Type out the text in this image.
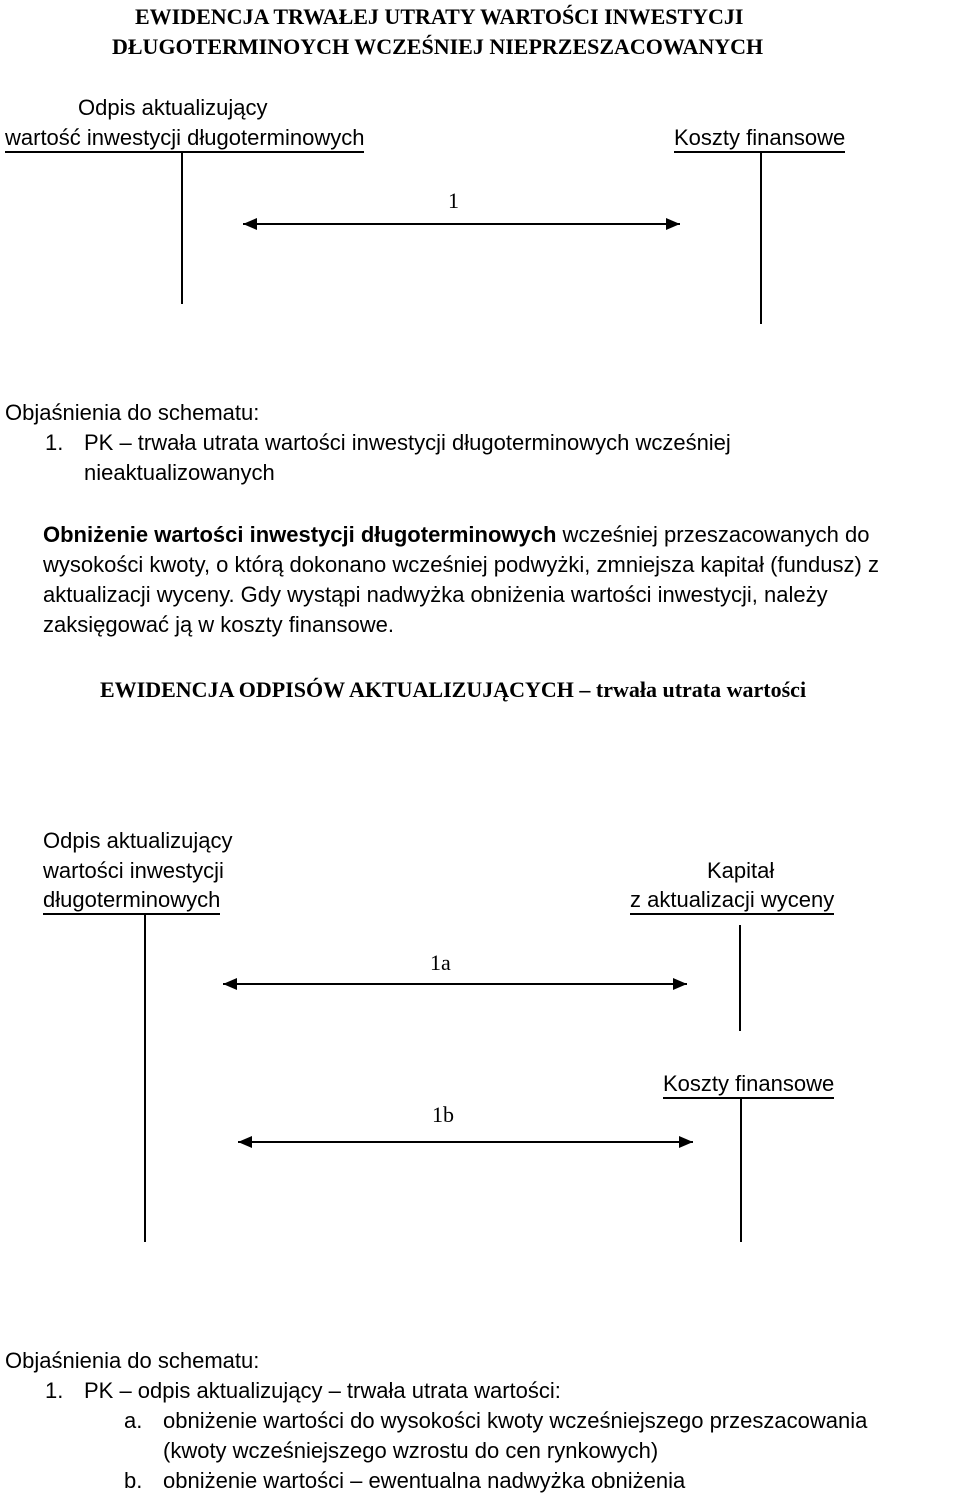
EWIDENCJA TRWAŁEJ UTRATY WARTOŚCI INWESTYCJI
DŁUGOTERMINOYCH WCZEŚNIEJ NIEPRZESZACOWANYCH
Odpis aktualizujący
wartość inwestycji długoterminowych	Koszty finansowe
1
Objaśnienia do schematu:
1. PK – trwała utrata wartości inwestycji długoterminowych wcześniej
nieaktualizowanych
Obniżenie wartości inwestycji długoterminowych wcześniej przeszacowanych do wysokości kwoty, o którą dokonano wcześniej podwyżki, zmniejsza kapitał (fundusz) z aktualizacji wyceny. Gdy wystąpi nadwyżka obniżenia wartości inwestycji, należy zaksięgować ją w koszty finansowe.
EWIDENCJA ODPISÓW AKTUALIZUJĄCYCH – trwała utrata wartości
Odpis aktualizujący
wartości inwestycji
długoterminowych
Kapitał
z aktualizacji wyceny
1a
Koszty finansowe
1b
Objaśnienia do schematu:
1. PK – odpis aktualizujący – trwała utrata wartości:
a. obniżenie wartości do wysokości kwoty wcześniejszego przeszacowania
(kwoty wcześniejszego wzrostu do cen rynkowych)
b. obniżenie wartości – ewentualna nadwyżka obniżenia
